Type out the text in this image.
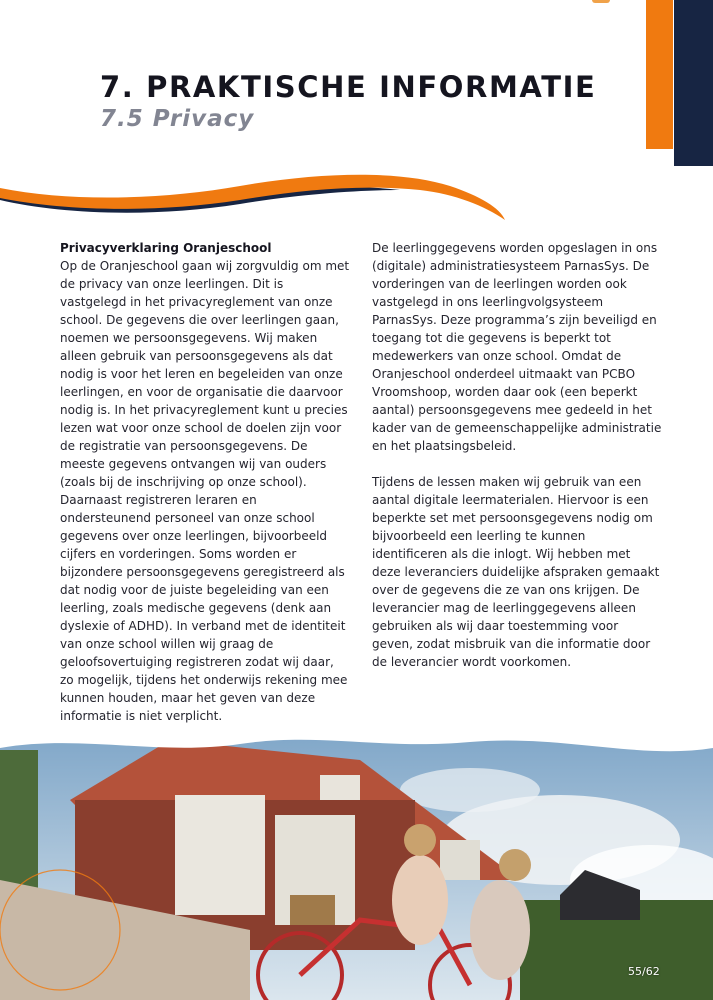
7. PRAKTISCHE INFORMATIE
7.5 Privacy
Privacyverklaring Oranjeschool

Op de Oranjeschool gaan wij zorgvuldig om met de privacy van onze leerlingen. Dit is vastgelegd in het privacyreglement van onze school. De gegevens die over leerlingen gaan, noemen we persoonsgegevens. Wij maken alleen gebruik van persoonsgegevens als dat nodig is voor het leren en begeleiden van onze leerlingen, en voor de organisatie die daarvoor nodig is. In het privacyreglement kunt u precies lezen wat voor onze school de doelen zijn voor de registratie van persoonsgegevens. De meeste gegevens ontvangen wij van ouders (zoals bij de inschrijving op onze school). Daarnaast registreren leraren en ondersteunend personeel van onze school gegevens over onze leerlingen, bijvoorbeeld cijfers en vorderingen. Soms worden er bijzondere persoonsgegevens geregistreerd als dat nodig voor de juiste begeleiding van een leerling, zoals medische gegevens (denk aan dyslexie of ADHD). In verband met de identiteit van onze school willen wij graag de geloofsovertuiging registreren zodat wij daar, zo mogelijk, tijdens het onderwijs rekening mee kunnen houden, maar het geven van deze informatie is niet verplicht.

De leerlinggegevens worden opgeslagen in ons (digitale) administratiesysteem ParnasSys. De vorderingen van de leerlingen worden ook vastgelegd in ons leerlingvolgsysteem ParnasSys. Deze programma’s zijn beveiligd en toegang tot die gegevens is beperkt tot medewerkers van onze school. Omdat de Oranjeschool onderdeel uitmaakt van PCBO Vroomshoop, worden daar ook (een beperkt aantal) persoonsgegevens mee gedeeld in het kader van de gemeenschappelijke administratie en het plaatsingsbeleid.

Tijdens de lessen maken wij gebruik van een aantal digitale leermaterialen. Hiervoor is een beperkte set met persoonsgegevens nodig om bijvoorbeeld een leerling te kunnen identificeren als die inlogt. Wij hebben met deze leveranciers duidelijke afspraken gemaakt over de gegevens die ze van ons krijgen. De leverancier mag de leerlinggegevens alleen gebruiken als wij daar toestemming voor geven, zodat misbruik van die informatie door de leverancier wordt voorkomen.

55/62
